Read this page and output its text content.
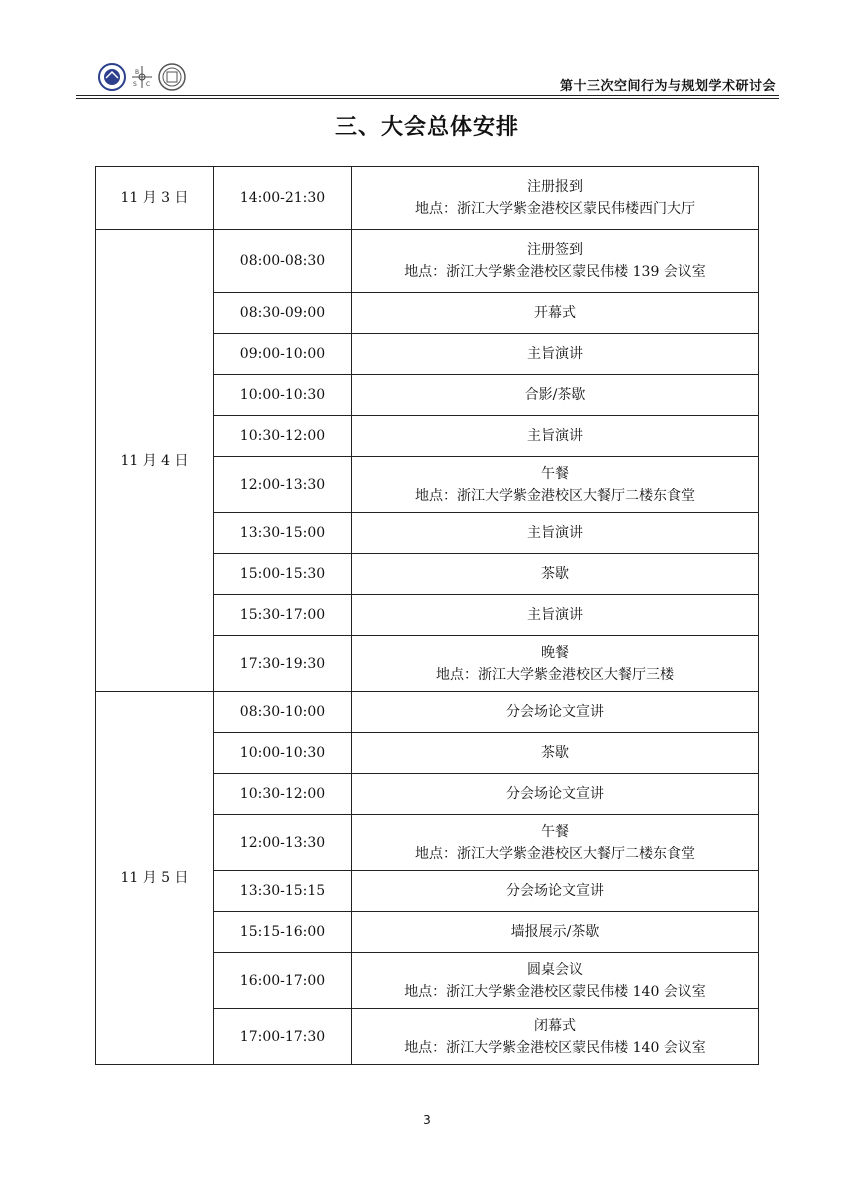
B
S C	第十三次空间行为与规划学术研讨会
三、大会总体安排
11 月 3 日	14:00-21:30	注册报到
地点：浙江大学紫金港校区蒙民伟楼西门大厅

11 月 4 日	08:00-08:30	注册签到
地点：浙江大学紫金港校区蒙民伟楼 139 会议室

	08:30-09:00	开幕式

	09:00-10:00	主旨演讲

	10:00-10:30	合影/茶歇

	10:30-12:00	主旨演讲

	12:00-13:30	午餐
地点：浙江大学紫金港校区大餐厅二楼东食堂

	13:30-15:00	主旨演讲

	15:00-15:30	茶歇

	15:30-17:00	主旨演讲

	17:30-19:30	晚餐
地点：浙江大学紫金港校区大餐厅三楼

11 月 5 日	08:30-10:00	分会场论文宣讲

	10:00-10:30	茶歇

	10:30-12:00	分会场论文宣讲

	12:00-13:30	午餐
地点：浙江大学紫金港校区大餐厅二楼东食堂

	13:30-15:15	分会场论文宣讲

	15:15-16:00	墙报展示/茶歇

	16:00-17:00	圆桌会议
地点：浙江大学紫金港校区蒙民伟楼 140 会议室

	17:00-17:30	闭幕式
地点：浙江大学紫金港校区蒙民伟楼 140 会议室
3
